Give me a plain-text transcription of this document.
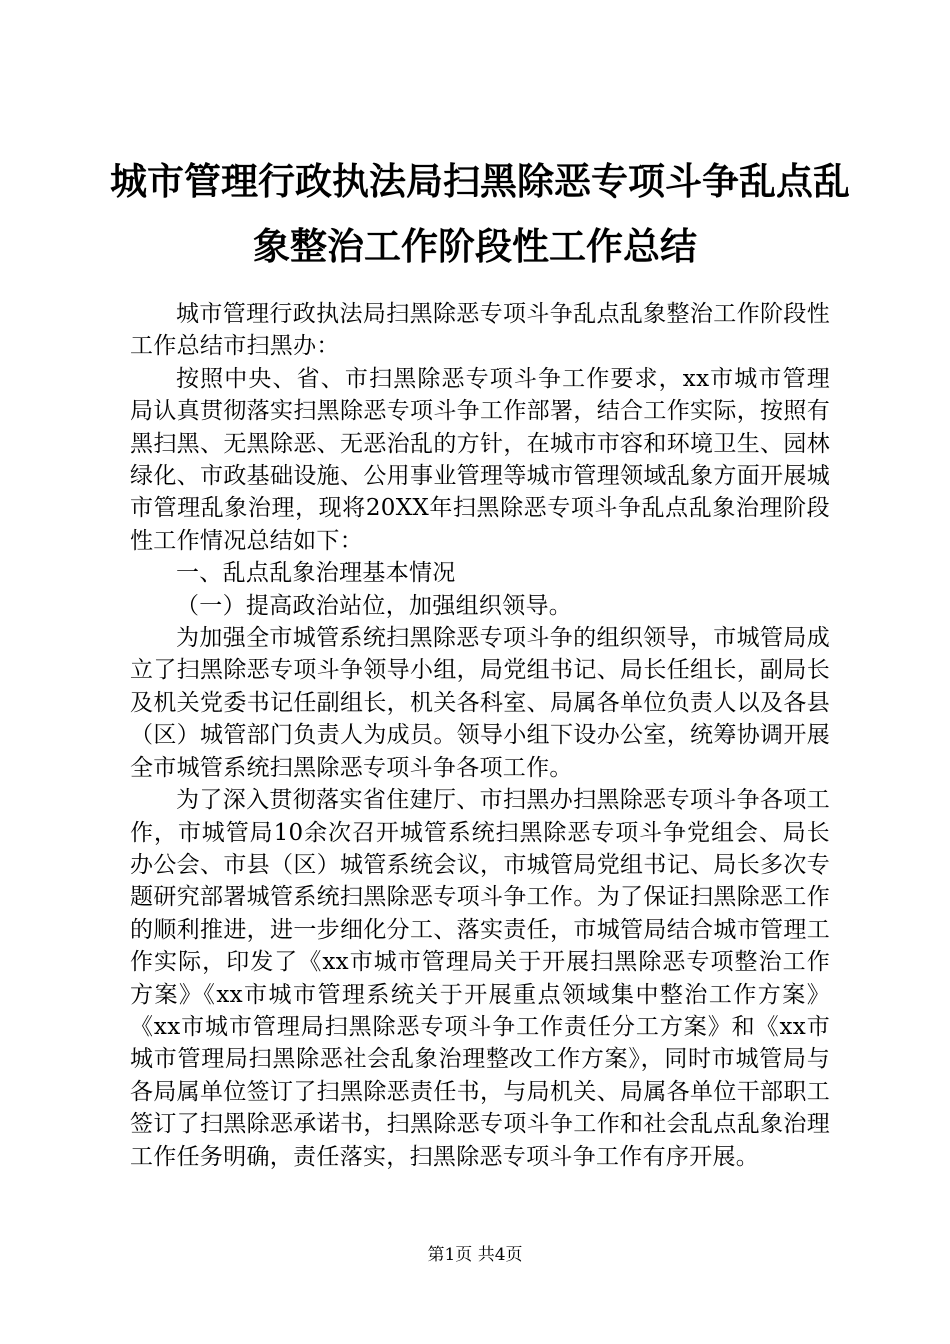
城市管理行政执法局扫黑除恶专项斗争乱点乱
象整治工作阶段性工作总结

城市管理行政执法局扫黑除恶专项斗争乱点乱象整治工作阶段性工作总结市扫黑办：

按照中央、省、市扫黑除恶专项斗争工作要求，xx市城市管理局认真贯彻落实扫黑除恶专项斗争工作部署，结合工作实际，按照有黑扫黑、无黑除恶、无恶治乱的方针，在城市市容和环境卫生、园林绿化、市政基础设施、公用事业管理等城市管理领域乱象方面开展城市管理乱象治理，现将20XX年扫黑除恶专项斗争乱点乱象治理阶段性工作情况总结如下：

一、乱点乱象治理基本情况

（一）提高政治站位，加强组织领导。

为加强全市城管系统扫黑除恶专项斗争的组织领导，市城管局成立了扫黑除恶专项斗争领导小组，局党组书记、局长任组长，副局长及机关党委书记任副组长，机关各科室、局属各单位负责人以及各县（区）城管部门负责人为成员。领导小组下设办公室，统筹协调开展全市城管系统扫黑除恶专项斗争各项工作。

为了深入贯彻落实省住建厅、市扫黑办扫黑除恶专项斗争各项工作，市城管局10余次召开城管系统扫黑除恶专项斗争党组会、局长办公会、市县（区）城管系统会议，市城管局党组书记、局长多次专题研究部署城管系统扫黑除恶专项斗争工作。为了保证扫黑除恶工作的顺利推进，进一步细化分工、落实责任，市城管局结合城市管理工作实际，印发了《xx市城市管理局关于开展扫黑除恶专项整治工作方案》《xx市城市管理系统关于开展重点领域集中整治工作方案》《xx市城市管理局扫黑除恶专项斗争工作责任分工方案》和《xx市城市管理局扫黑除恶社会乱象治理整改工作方案》，同时市城管局与各局属单位签订了扫黑除恶责任书，与局机关、局属各单位干部职工签订了扫黑除恶承诺书，扫黑除恶专项斗争工作和社会乱点乱象治理工作任务明确，责任落实，扫黑除恶专项斗争工作有序开展。

第1页 共4页
